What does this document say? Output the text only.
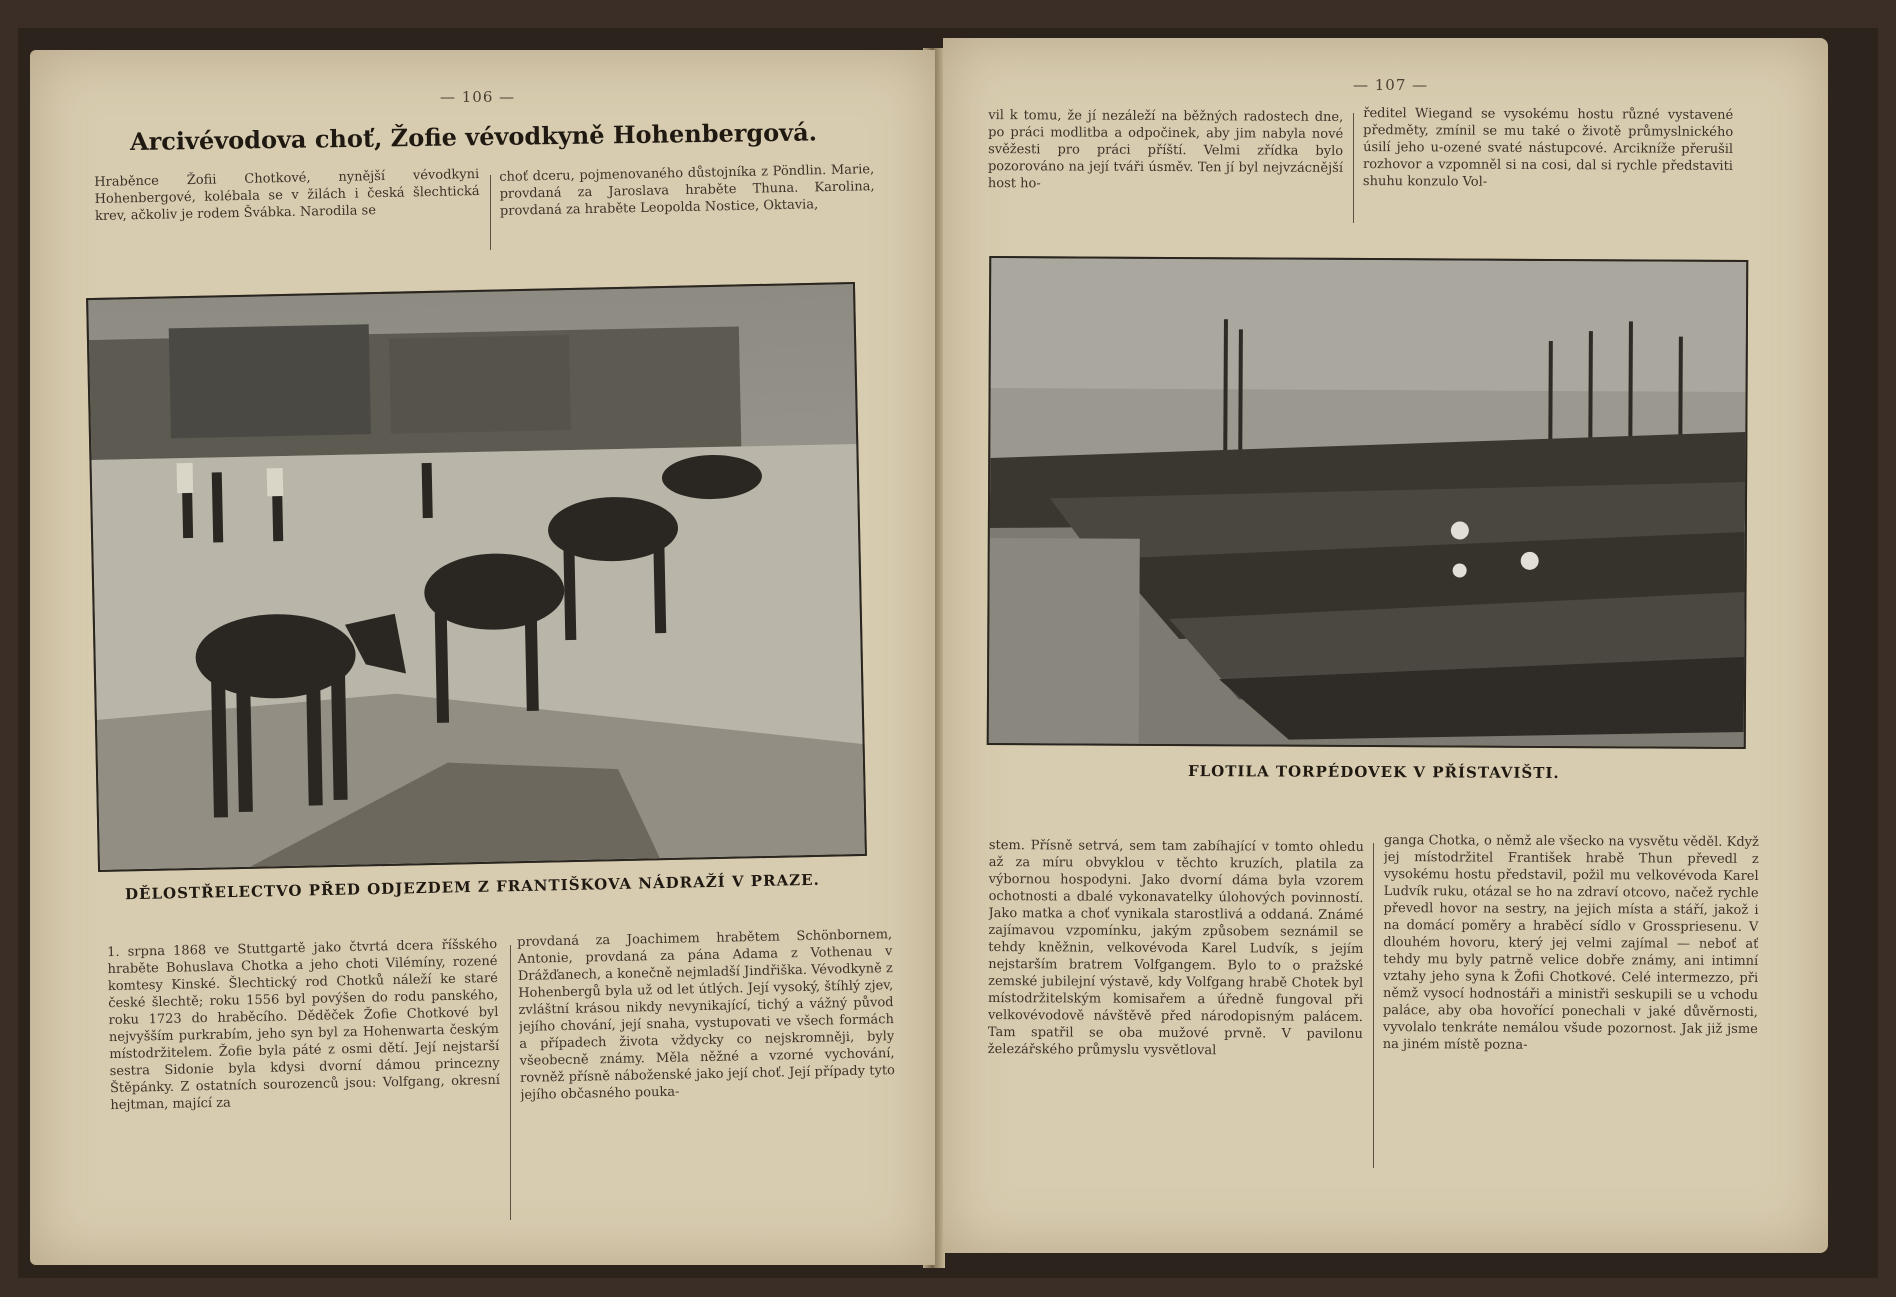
— 106 —
Arcivévodova choť, Žofie vévodkyně Hohenbergová.
Hraběnce Žofii Chotkové, nynější vévodkyni Hohenbergové, kolébala se v žilách i česká šlechtická krev, ačkoliv je rodem Švábka. Narodila se
choť dceru, pojmenovaného důstojníka z Pöndlin. Marie, provdaná za Jaroslava hraběte Thuna. Karolina, provdaná za hraběte Leopolda Nostice, Oktavia,
DĚLOSTŘELECTVO PŘED ODJEZDEM Z FRANTIŠKOVA NÁDRAŽÍ V PRAZE.
1. srpna 1868 ve Stuttgartě jako čtvrtá dcera říšského hraběte Bohuslava Chotka a jeho choti Vilémíny, rozené komtesy Kinské. Šlechtický rod Chotků náleží ke staré české šlechtě; roku 1556 byl povýšen do rodu panského, roku 1723 do hraběcího. Děděček Žofie Chotkové byl nejvyšším purkrabím, jeho syn byl za Hohenwarta českým místodržitelem. Žofie byla páté z osmi dětí. Její nejstarší sestra Sidonie byla kdysi dvorní dámou princezny Štěpánky. Z ostatních sourozenců jsou: Volfgang, okresní hejtman, mající za
provdaná za Joachimem hrabětem Schönbornem, Antonie, provdaná za pána Adama z Vothenau v Drážďanech, a konečně nejmladší Jindřiška. Vévodkyně z Hohenbergů byla už od let útlých. Její vysoký, štíhlý zjev, zvláštní krásou nikdy nevynikající, tichý a vážný původ jejího chování, její snaha, vystupovati ve všech formách a případech života vždycky co nejskromněji, byly všeobecně známy. Měla něžné a vzorné vychování, rovněž přísně náboženské jako její choť. Její případy tyto jejího občasného pouka-
— 107 —
vil k tomu, že jí nezáleží na běžných radostech dne, po práci modlitba a odpočinek, aby jim nabyla nové svěžesti pro práci příští. Velmi zřídka bylo pozorováno na její tváři úsměv. Ten jí byl nejvzácnější host ho-
ředitel Wiegand se vysokému hostu různé vystavené předměty, zmínil se mu také o životě průmyslnického úsilí jeho u-ozené svaté nástupcové. Arcikníže přerušil rozhovor a vzpomněl si na cosi, dal si rychle představiti shuhu konzulo Vol-
FLOTILA TORPÉDOVEK V PŘÍSTAVIŠTI.
stem. Přísně setrvá, sem tam zabíhající v tomto ohledu až za míru obvyklou v těchto kruzích, platila za výbornou hospodyni. Jako dvorní dáma byla vzorem ochotnosti a dbalé vykonavatelky úlohových povinností. Jako matka a choť vynikala starostlivá a oddaná. Známé zajímavou vzpomínku, jakým způsobem seznámil se tehdy kněžnin, velkovévoda Karel Ludvík, s jejím nejstarším bratrem Volfgangem. Bylo to o pražské zemské jubilejní výstavě, kdy Volfgang hrabě Chotek byl místodržitelským komisařem a úředně fungoval při velkovévodově návštěvě před národopisným palácem. Tam spatřil se oba mužové prvně. V pavilonu železářského průmyslu vysvětloval
ganga Chotka, o němž ale všecko na vysvětu věděl. Když jej místodržitel František hrabě Thun převedl z vysokému hostu představil, požil mu velkovévoda Karel Ludvík ruku, otázal se ho na zdraví otcovo, načež rychle převedl hovor na sestry, na jejich místa a stáří, jakož i na domácí poměry a hraběcí sídlo v Grosspriesenu. V dlouhém hovoru, který jej velmi zajímal — neboť ať tehdy mu byly patrně velice dobře známy, ani intimní vztahy jeho syna k Žofii Chotkové. Celé intermezzo, při němž vysocí hodnostáři a ministři seskupili se u vchodu paláce, aby oba hovořící ponechali v jaké důvěrnosti, vyvolalo tenkráte nemálou všude pozornost. Jak již jsme na jiném místě pozna-
